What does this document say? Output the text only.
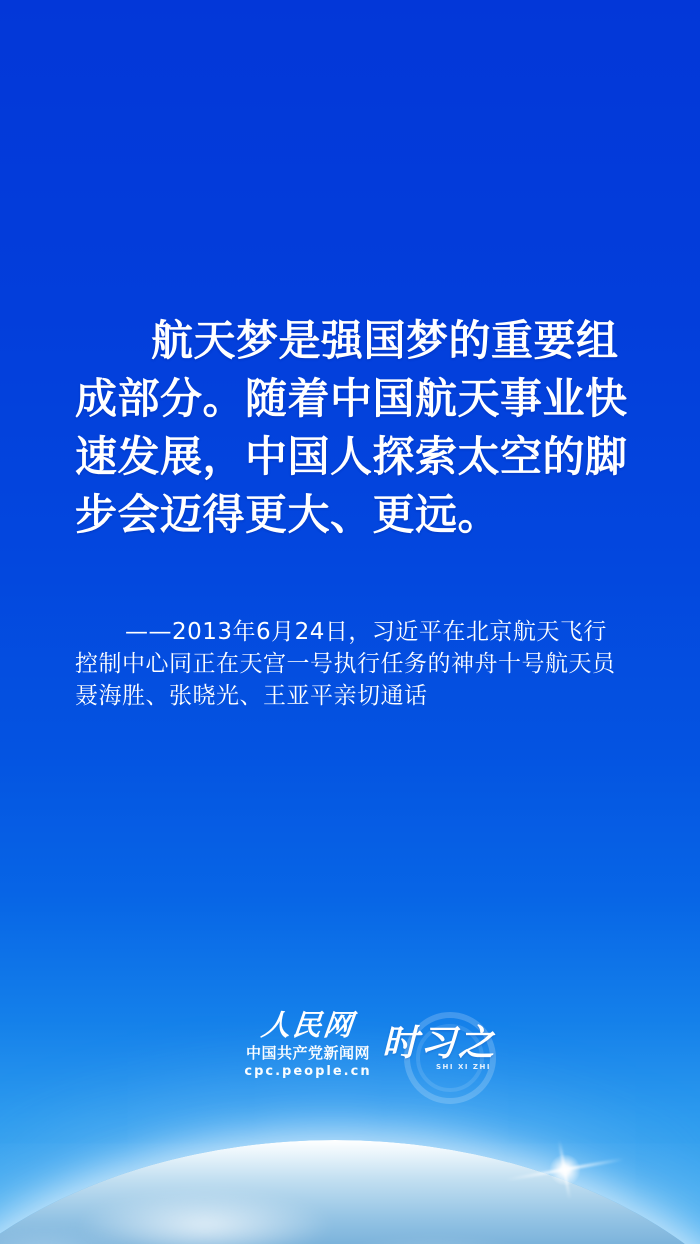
航天梦是强国梦的重要组
成部分。随着中国航天事业快
速发展，中国人探索太空的脚
步会迈得更大、更远。
——2013年6月24日，习近平在北京航天飞行
控制中心同正在天宫一号执行任务的神舟十号航天员
聂海胜、张晓光、王亚平亲切通话
人民网
中国共产党新闻网
cpc.people.cn
时习之
SHI XI ZHI
